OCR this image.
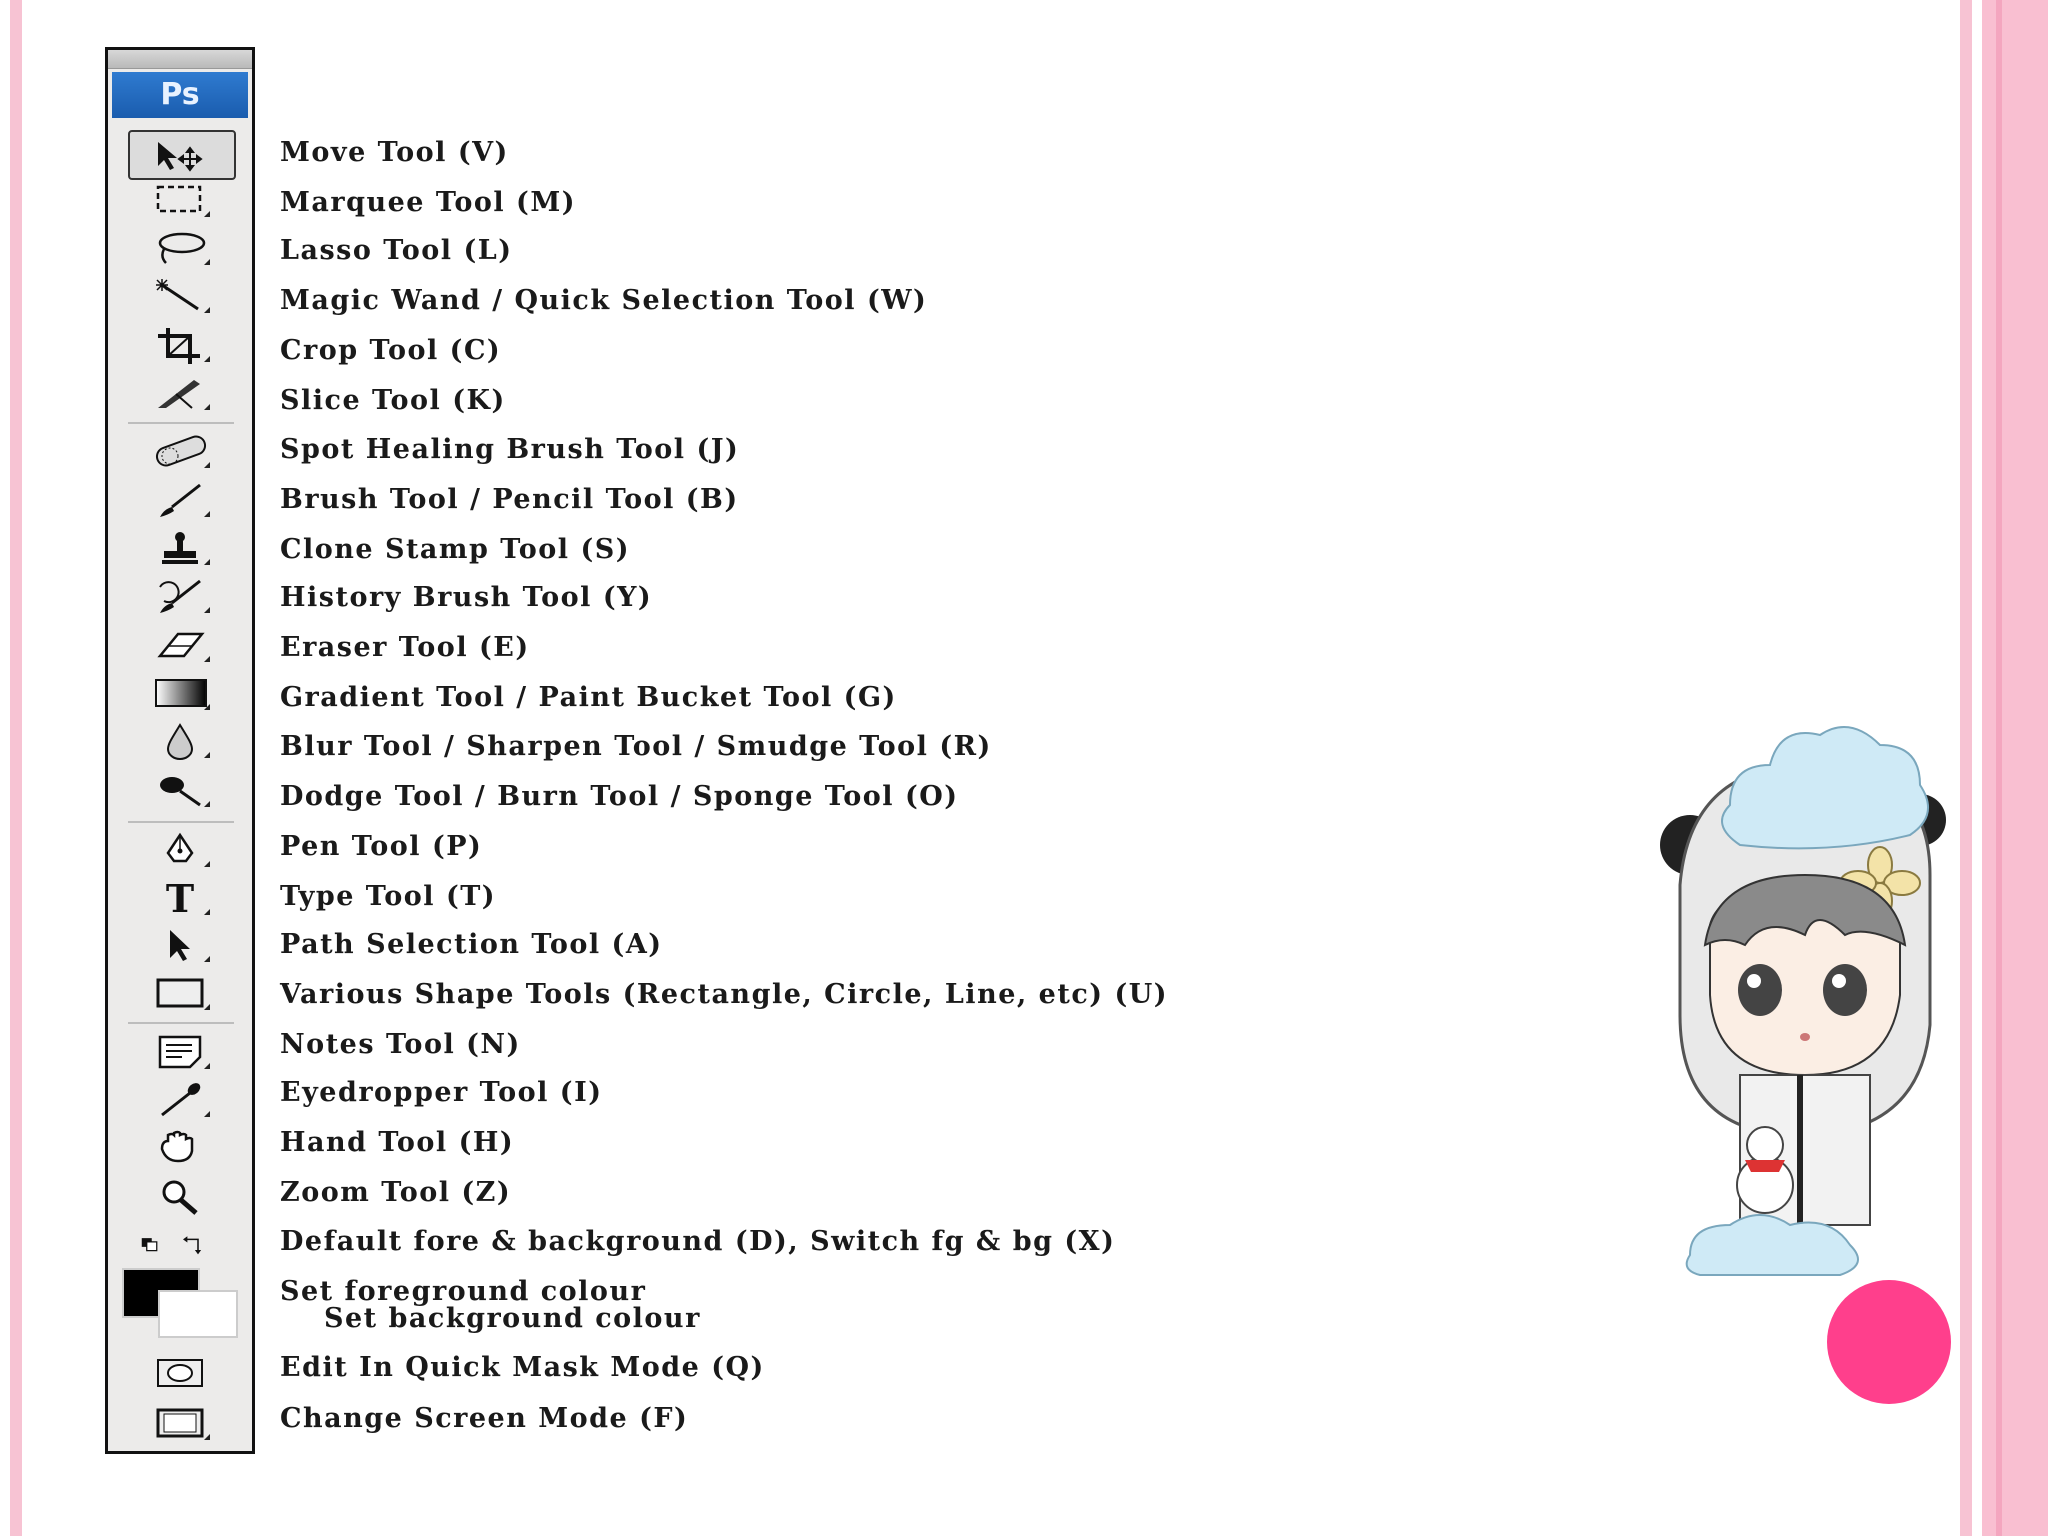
Ps
T
Move Tool (V)
Marquee Tool (M)
Lasso Tool (L)
Magic Wand / Quick Selection Tool (W)
Crop Tool (C)
Slice Tool (K)
Spot Healing Brush Tool (J)
Brush Tool / Pencil Tool (B)
Clone Stamp Tool (S)
History Brush Tool (Y)
Eraser Tool (E)
Gradient Tool / Paint Bucket Tool (G)
Blur Tool / Sharpen Tool / Smudge Tool (R)
Dodge Tool / Burn Tool / Sponge Tool (O)
Pen Tool (P)
Type Tool (T)
Path Selection Tool (A)
Various Shape Tools (Rectangle, Circle, Line, etc) (U)
Notes Tool (N)
Eyedropper Tool (I)
Hand Tool (H)
Zoom Tool (Z)
Default fore & background (D), Switch fg & bg (X)
Set foreground colour
Set background colour
Edit In Quick Mask Mode (Q)
Change Screen Mode (F)
